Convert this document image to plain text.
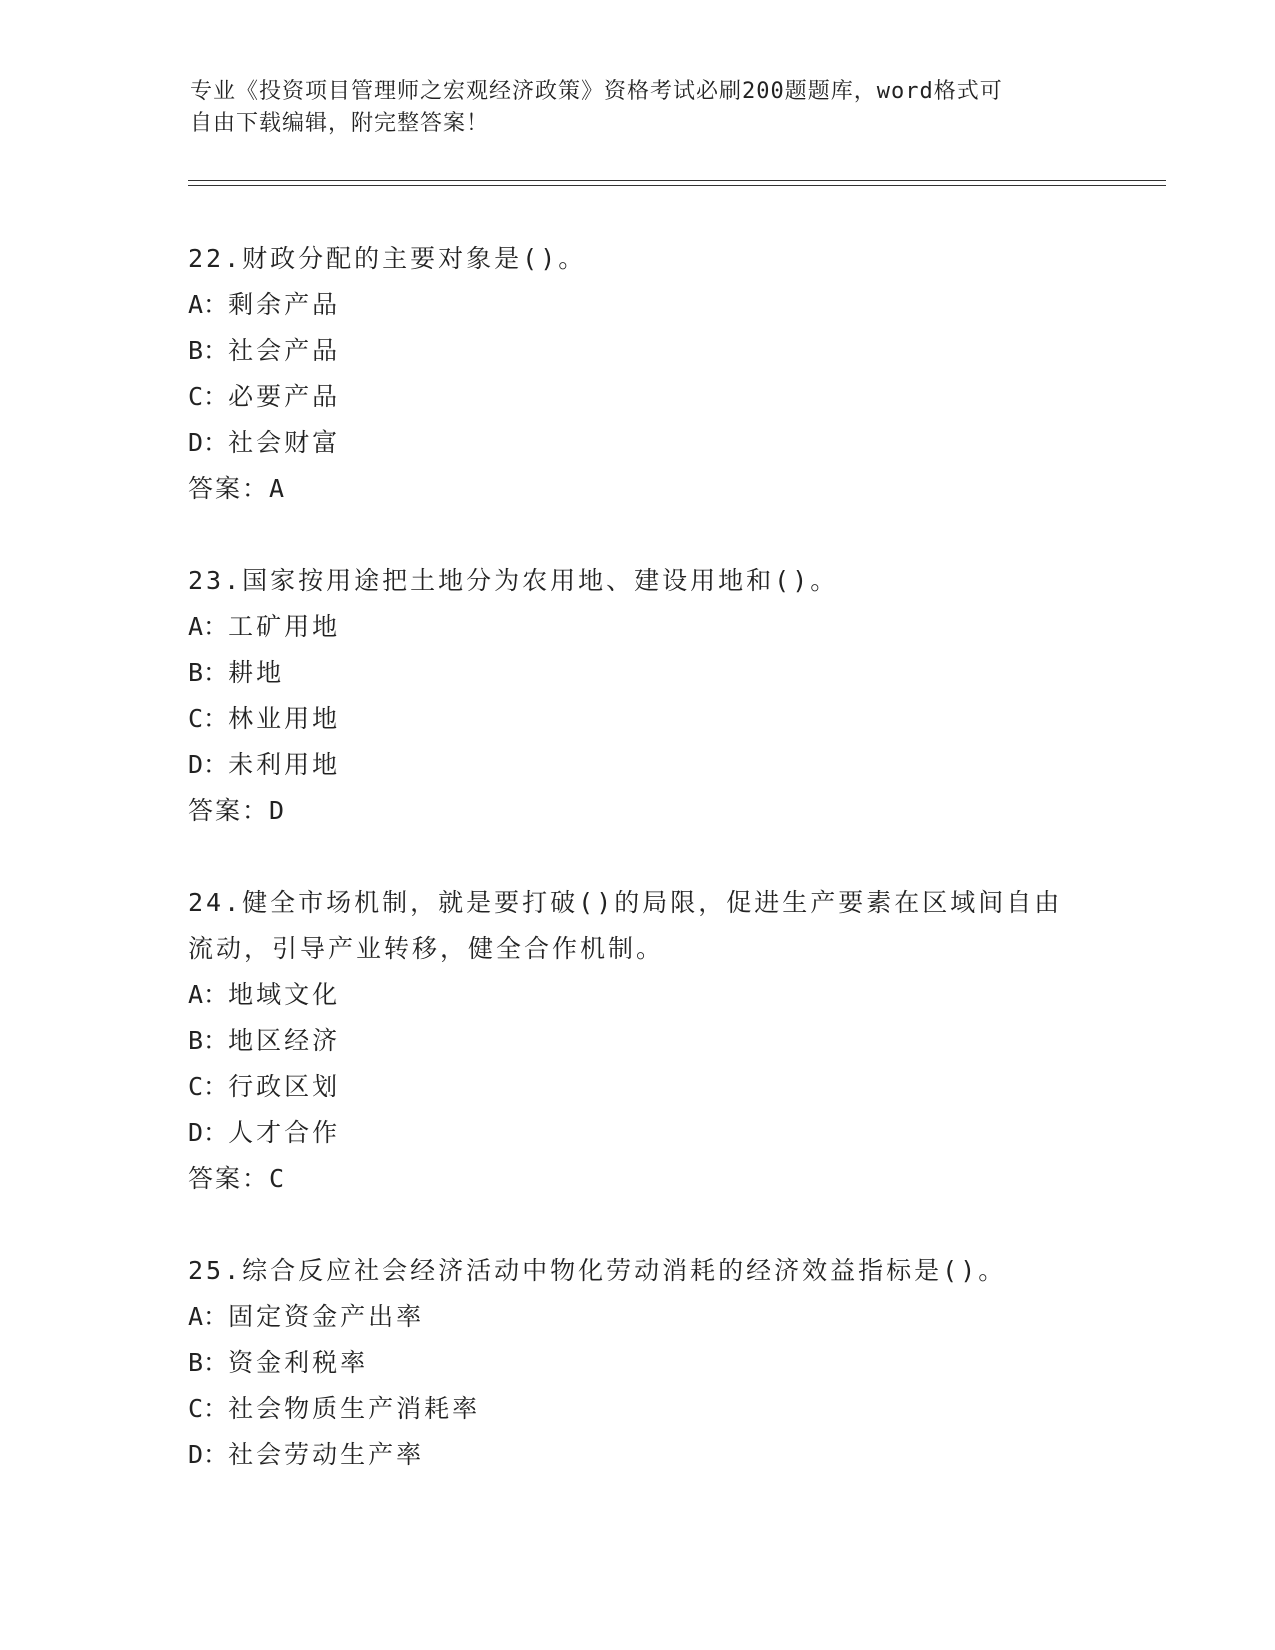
专业《投资项目管理师之宏观经济政策》资格考试必刷200题题库，word格式可
自由下载编辑，附完整答案！

22.财政分配的主要对象是()。

A：剩余产品

B：社会产品

C：必要产品

D：社会财富

答案：A

23.国家按用途把土地分为农用地、建设用地和()。

A：工矿用地

B：耕地

C：林业用地

D：未利用地

答案：D

24.健全市场机制，就是要打破()的局限，促进生产要素在区域间自由

流动，引导产业转移，健全合作机制。

A：地域文化

B：地区经济

C：行政区划

D：人才合作

答案：C

25.综合反应社会经济活动中物化劳动消耗的经济效益指标是()。

A：固定资金产出率

B：资金利税率

C：社会物质生产消耗率

D：社会劳动生产率
